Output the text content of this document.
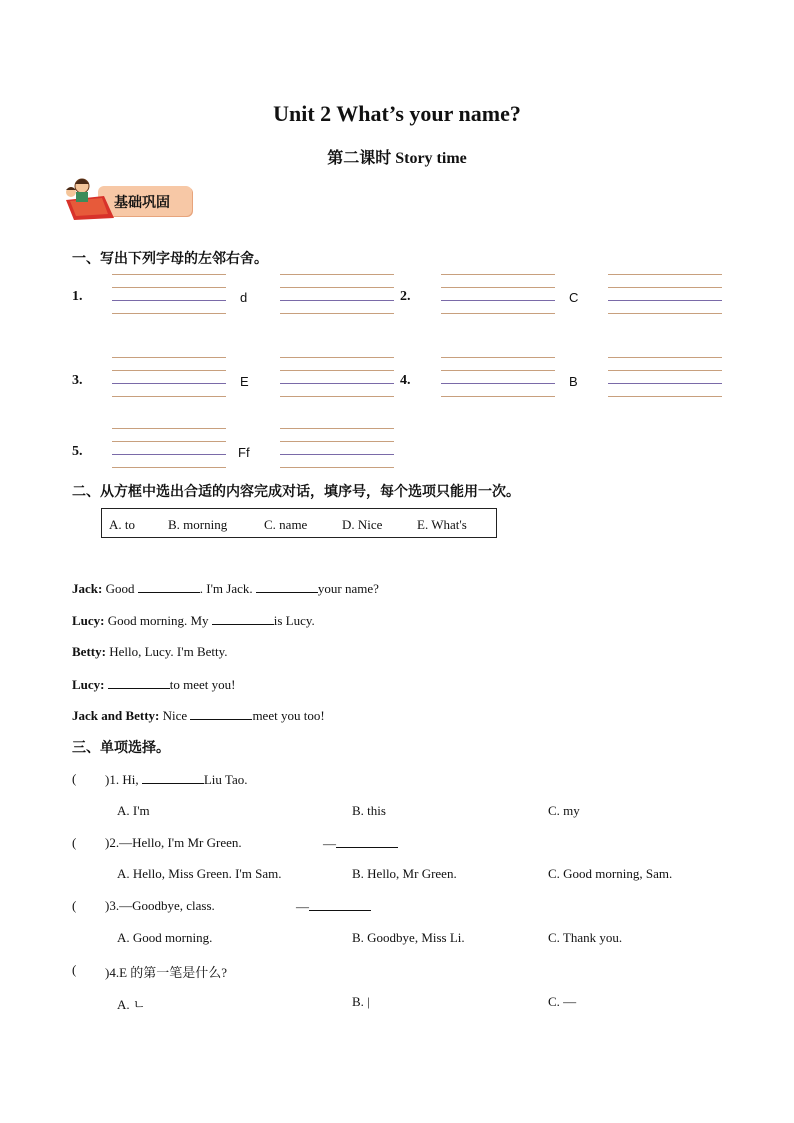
Unit 2 What’s your name?
第二课时 Story time
基础巩固
一、写出下列字母的左邻右舍。
1.	d	2.	C
3.	E	4.	B
5.	Ff
二、从方框中选出合适的内容完成对话，填序号，每个选项只能用一次。
A. to	B. morning	C. name	D. Nice	E. What's
Jack: Good	. I'm Jack.	your name?
Lucy: Good morning. My	is Lucy.
Betty: Hello, Lucy. I'm Betty.
Lucy:	to meet you!
Jack and Betty: Nice	meet you too!
三、单项选择。
( )1. Hi,	Liu Tao.
A. I'm	B. this	C. my
( )2.—Hello, I'm Mr Green.	—
A. Hello, Miss Green. I'm Sam.	B. Hello, Mr Green.	C. Good morning, Sam.
( )3.—Goodbye, class.	—
A. Good morning.	B. Goodbye, Miss Li.	C. Thank you.
( )4.E 的第一笔是什么?
A. ㄴ	B. |	C. —
